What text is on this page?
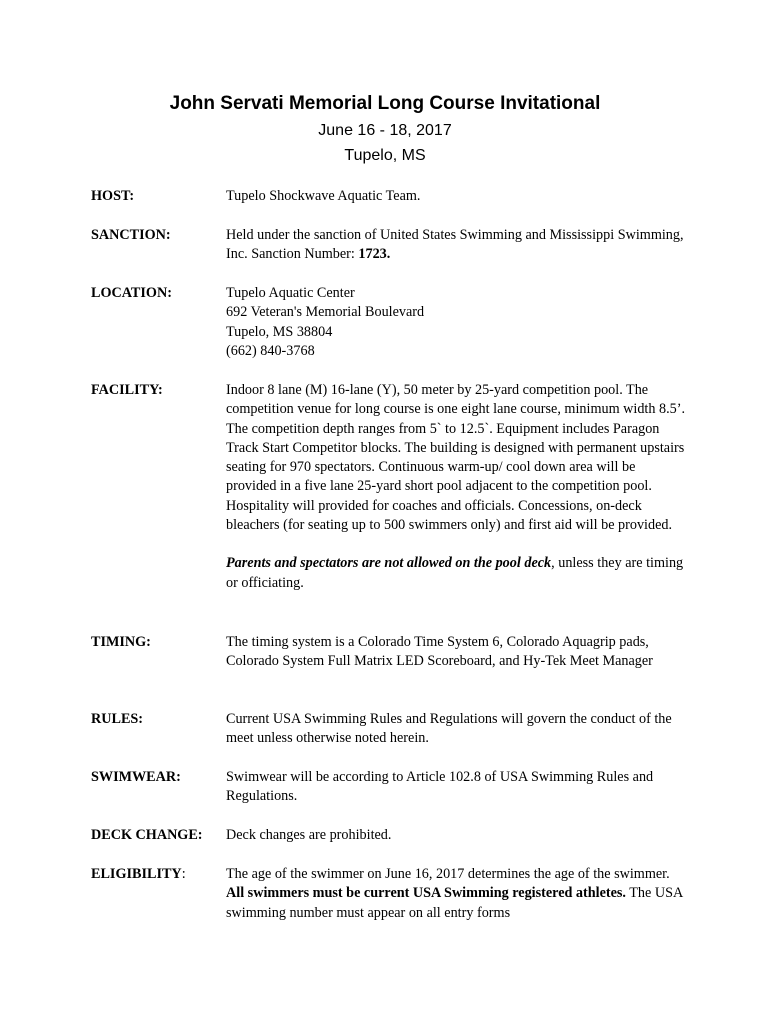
John Servati Memorial Long Course Invitational
June 16 - 18, 2017
Tupelo, MS
HOST:	Tupelo Shockwave Aquatic Team.

SANCTION:	Held under the sanction of United States Swimming and Mississippi Swimming, Inc. Sanction Number: 1723.

LOCATION:	Tupelo Aquatic Center

692 Veteran's Memorial Boulevard

Tupelo, MS 38804

(662) 840-3768

FACILITY:	Indoor 8 lane (M) 16-lane (Y), 50 meter by 25-yard competition pool. The competition venue for long course is one eight lane course, minimum width 8.5’. The competition depth ranges from 5` to 12.5`. Equipment includes Paragon Track Start Competitor blocks. The building is designed with permanent upstairs seating for 970 spectators. Continuous warm-up/ cool down area will be provided in a five lane 25-yard short pool adjacent to the competition pool. Hospitality will provided for coaches and officials. Concessions, on-deck bleachers (for seating up to 500 swimmers only) and first aid will be provided.

Parents and spectators are not allowed on the pool deck, unless they are timing or officiating.

TIMING:	The timing system is a Colorado Time System 6, Colorado Aquagrip pads, Colorado System Full Matrix LED Scoreboard, and Hy-Tek Meet Manager

RULES:	Current USA Swimming Rules and Regulations will govern the conduct of the meet unless otherwise noted herein.

SWIMWEAR:	Swimwear will be according to Article 102.8 of USA Swimming Rules and Regulations.

DECK CHANGE:	Deck changes are prohibited.

ELIGIBILITY:	The age of the swimmer on June 16, 2017 determines the age of the swimmer. All swimmers must be current USA Swimming registered athletes. The USA swimming number must appear on all entry forms
